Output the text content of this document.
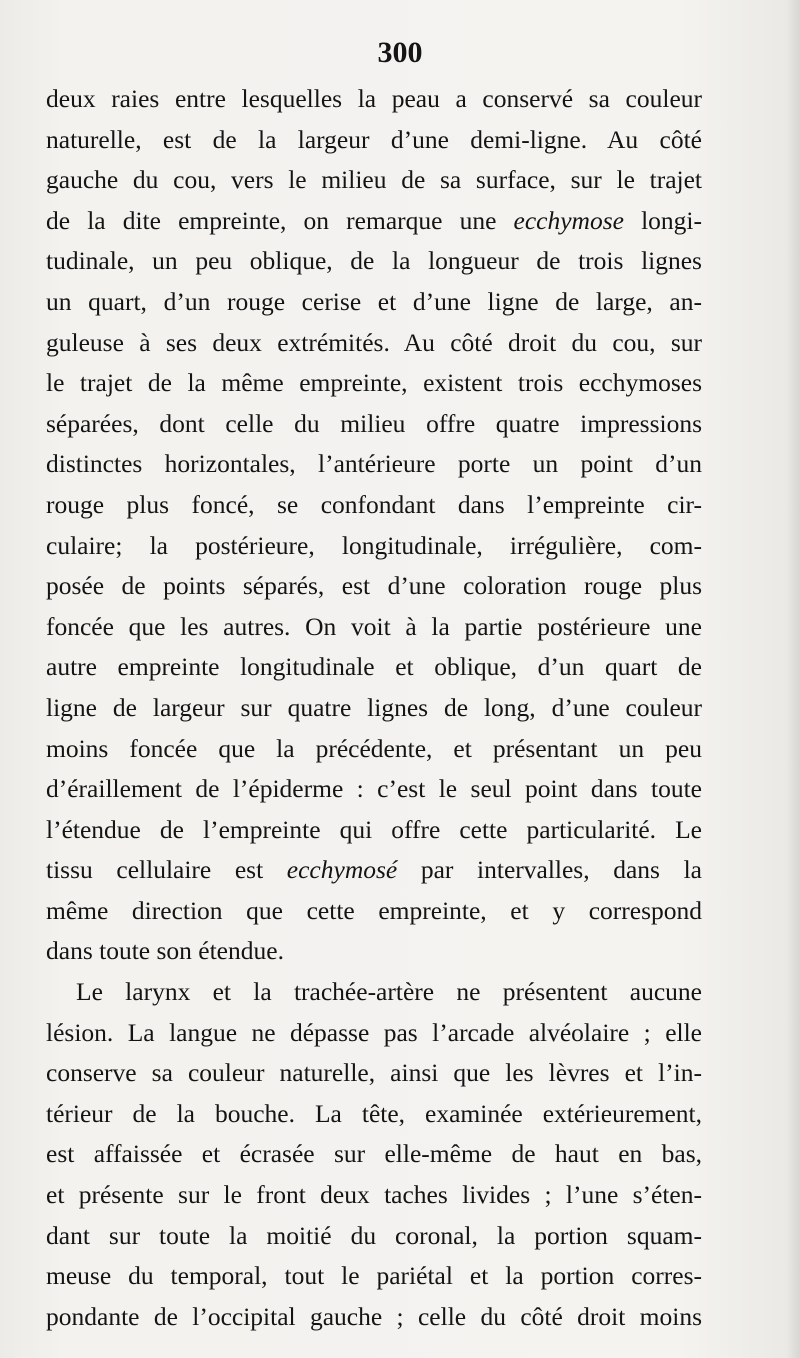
300
deux raies entre lesquelles la peau a conservé sa couleur
naturelle, est de la largeur d’une demi-ligne. Au côté
gauche du cou, vers le milieu de sa surface, sur le trajet
de la dite empreinte, on remarque une ecchymose longi-
tudinale, un peu oblique, de la longueur de trois lignes
un quart, d’un rouge cerise et d’une ligne de large, an-
guleuse à ses deux extrémités. Au côté droit du cou, sur
le trajet de la même empreinte, existent trois ecchymoses
séparées, dont celle du milieu offre quatre impressions
distinctes horizontales, l’antérieure porte un point d’un
rouge plus foncé, se confondant dans l’empreinte cir-
culaire; la postérieure, longitudinale, irrégulière, com-
posée de points séparés, est d’une coloration rouge plus
foncée que les autres. On voit à la partie postérieure une
autre empreinte longitudinale et oblique, d’un quart de
ligne de largeur sur quatre lignes de long, d’une couleur
moins foncée que la précédente, et présentant un peu
d’éraillement de l’épiderme : c’est le seul point dans toute
l’étendue de l’empreinte qui offre cette particularité. Le
tissu cellulaire est ecchymosé par intervalles, dans la
même direction que cette empreinte, et y correspond
dans toute son étendue.
Le larynx et la trachée-artère ne présentent aucune
lésion. La langue ne dépasse pas l’arcade alvéolaire ; elle
conserve sa couleur naturelle, ainsi que les lèvres et l’in-
térieur de la bouche. La tête, examinée extérieurement,
est affaissée et écrasée sur elle-même de haut en bas,
et présente sur le front deux taches livides ; l’une s’éten-
dant sur toute la moitié du coronal, la portion squam-
meuse du temporal, tout le pariétal et la portion corres-
pondante de l’occipital gauche ; celle du côté droit moins
